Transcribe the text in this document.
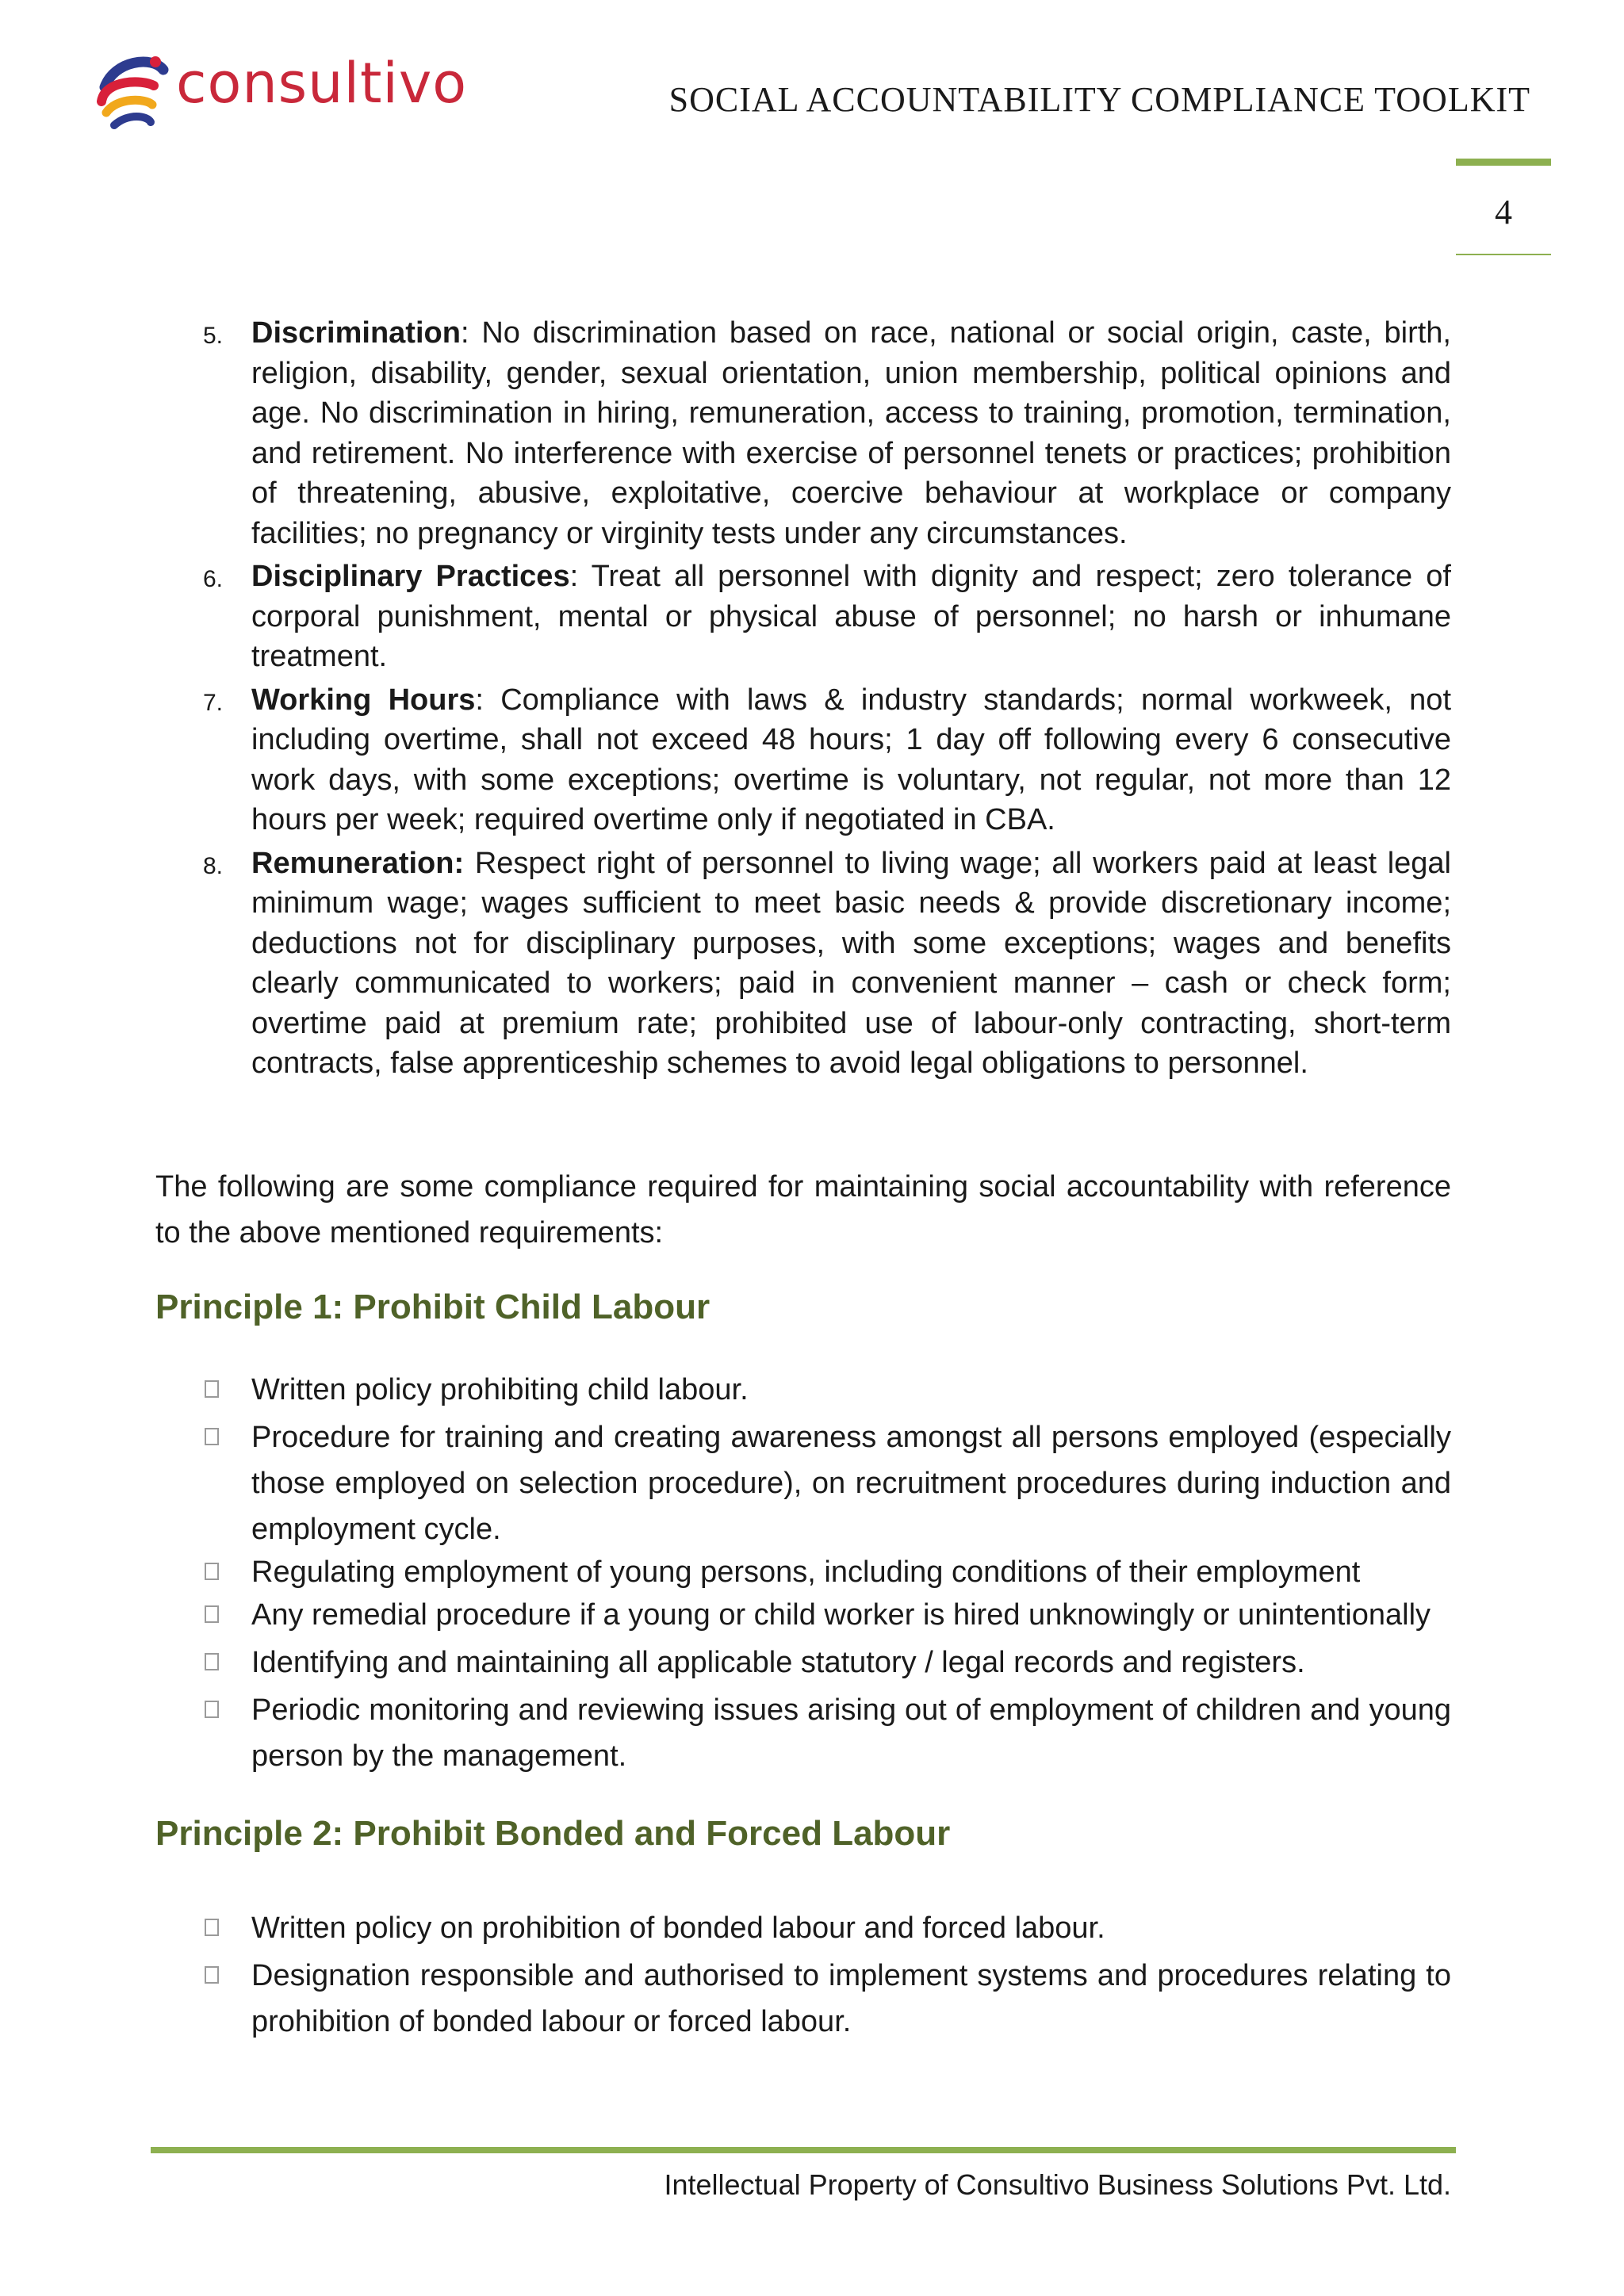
consultivo	SOCIAL ACCOUNTABILITY COMPLIANCE TOOLKIT
4
5. Discrimination: No discrimination based on race, national or social origin, caste, birth, religion, disability, gender, sexual orientation, union membership, political opinions and age. No discrimination in hiring, remuneration, access to training, promotion, termination, and retirement. No interference with exercise of personnel tenets or practices; prohibition of threatening, abusive, exploitative, coercive behaviour at workplace or company facilities; no pregnancy or virginity tests under any circumstances.
6. Disciplinary Practices: Treat all personnel with dignity and respect; zero tolerance of corporal punishment, mental or physical abuse of personnel; no harsh or inhumane treatment.
7. Working Hours: Compliance with laws & industry standards; normal workweek, not including overtime, shall not exceed 48 hours; 1 day off following every 6 consecutive work days, with some exceptions; overtime is voluntary, not regular, not more than 12 hours per week; required overtime only if negotiated in CBA.
8. Remuneration: Respect right of personnel to living wage; all workers paid at least legal minimum wage; wages sufficient to meet basic needs & provide discretionary income; deductions not for disciplinary purposes, with some exceptions; wages and benefits clearly communicated to workers; paid in convenient manner – cash or check form; overtime paid at premium rate; prohibited use of labour-only contracting, short-term contracts, false apprenticeship schemes to avoid legal obligations to personnel.
The following are some compliance required for maintaining social accountability with reference to the above mentioned requirements:
Principle 1: Prohibit Child Labour
Written policy prohibiting child labour.
Procedure for training and creating awareness amongst all persons employed (especially those employed on selection procedure), on recruitment procedures during induction and employment cycle.
Regulating employment of young persons, including conditions of their employment
Any remedial procedure if a young or child worker is hired unknowingly or unintentionally
Identifying and maintaining all applicable statutory / legal records and registers.
Periodic monitoring and reviewing issues arising out of employment of children and young person by the management.
Principle 2: Prohibit Bonded and Forced Labour
Written policy on prohibition of bonded labour and forced labour.
Designation responsible and authorised to implement systems and procedures relating to prohibition of bonded labour or forced labour.
Intellectual Property of Consultivo Business Solutions Pvt. Ltd.
